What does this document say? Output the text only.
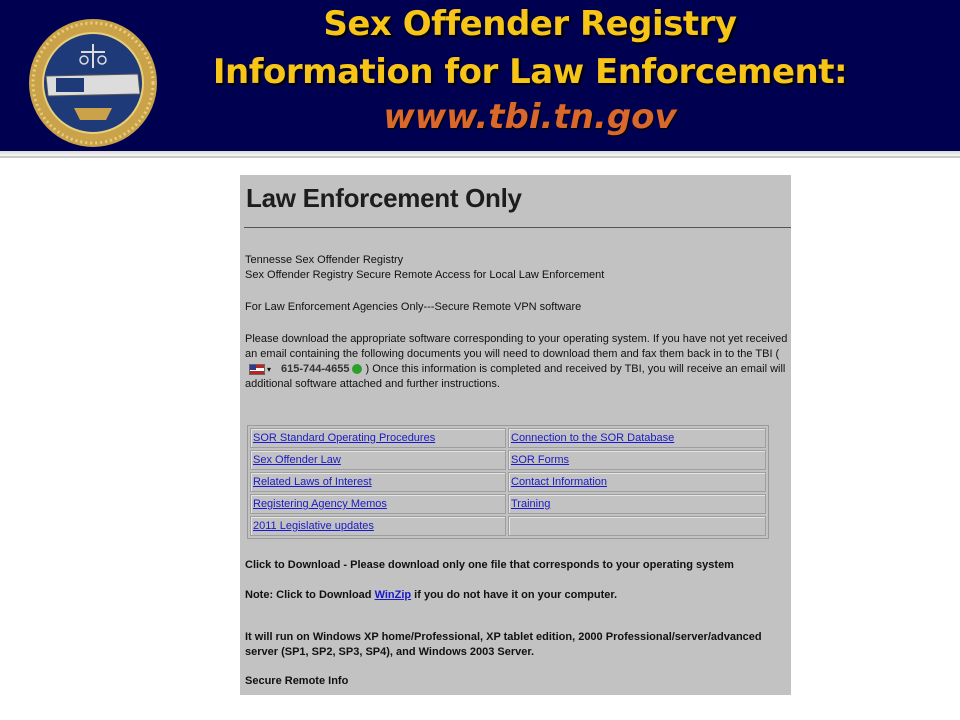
Sex Offender Registry
Information for Law Enforcement:
www.tbi.tn.gov
Law Enforcement Only
Tennesse Sex Offender Registry
Sex Offender Registry Secure Remote Access for Local Law Enforcement
For Law Enforcement Agencies Only---Secure Remote VPN software
Please download the appropriate software corresponding to your operating system. If you have not yet received an email containing the following documents you will need to download them and fax them back in to the TBI (▾ 615-744-4655 ) Once this information is completed and received by TBI, you will receive an email will additional software attached and further instructions.
SOR Standard Operating Procedures	Connection to the SOR Database
Sex Offender Law	SOR Forms
Related Laws of Interest	Contact Information
Registering Agency Memos	Training
2011 Legislative updates	
Click to Download - Please download only one file that corresponds to your operating system
Note: Click to Download WinZip if you do not have it on your computer.
It will run on Windows XP home/Professional, XP tablet edition, 2000 Professional/server/advanced server (SP1, SP2, SP3, SP4), and Windows 2003 Server.
Secure Remote Info
